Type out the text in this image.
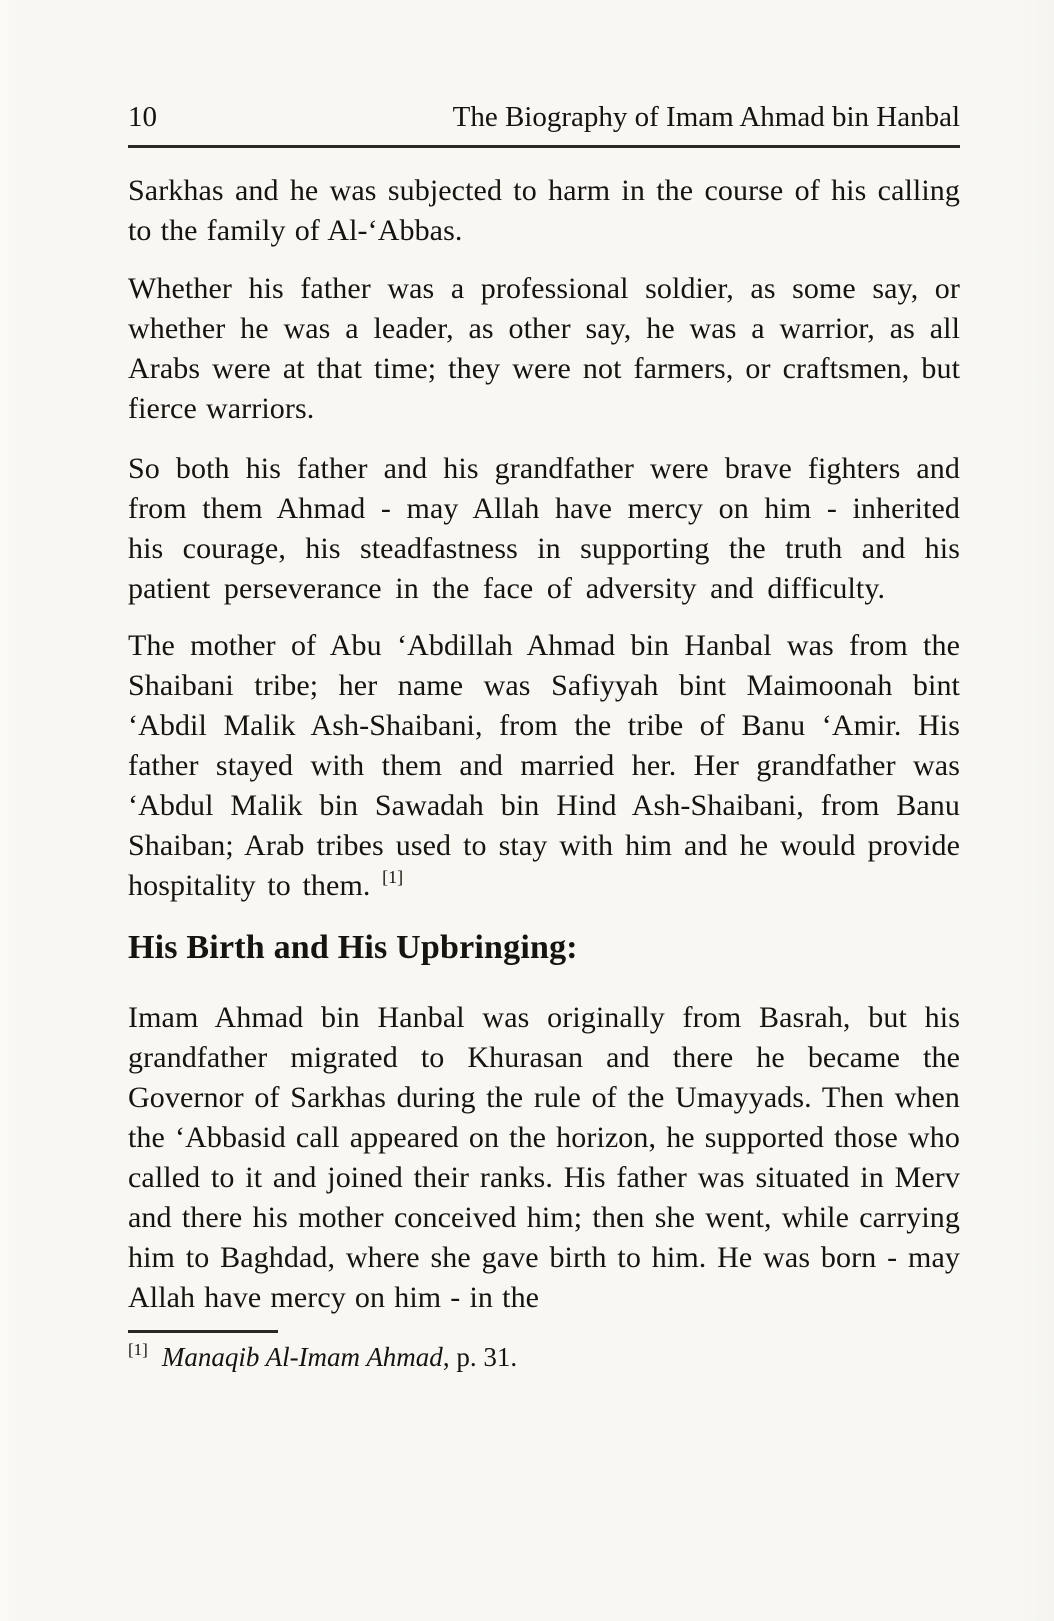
10	The Biography of Imam Ahmad bin Hanbal

Sarkhas and he was subjected to harm in the course of his calling to the family of Al-‘Abbas.

Whether his father was a professional soldier, as some say, or whether he was a leader, as other say, he was a warrior, as all Arabs were at that time; they were not farmers, or craftsmen, but fierce warriors.

So both his father and his grandfather were brave fighters and from them Ahmad - may Allah have mercy on him - inherited his courage, his steadfastness in supporting the truth and his patient perseverance in the face of adversity and difficulty.

The mother of Abu ‘Abdillah Ahmad bin Hanbal was from the Shaibani tribe; her name was Safiyyah bint Maimoonah bint ‘Abdil Malik Ash-Shaibani, from the tribe of Banu ‘Amir. His father stayed with them and married her. Her grandfather was ‘Abdul Malik bin Sawadah bin Hind Ash-Shaibani, from Banu Shaiban; Arab tribes used to stay with him and he would provide hospitality to them. [1]

His Birth and His Upbringing:

Imam Ahmad bin Hanbal was originally from Basrah, but his grandfather migrated to Khurasan and there he became the Governor of Sarkhas during the rule of the Umayyads. Then when the ‘Abbasid call appeared on the horizon, he supported those who called to it and joined their ranks. His father was situated in Merv and there his mother conceived him; then she went, while carrying him to Baghdad, where she gave birth to him. He was born - may Allah have mercy on him - in the

[1] Manaqib Al-Imam Ahmad, p. 31.
